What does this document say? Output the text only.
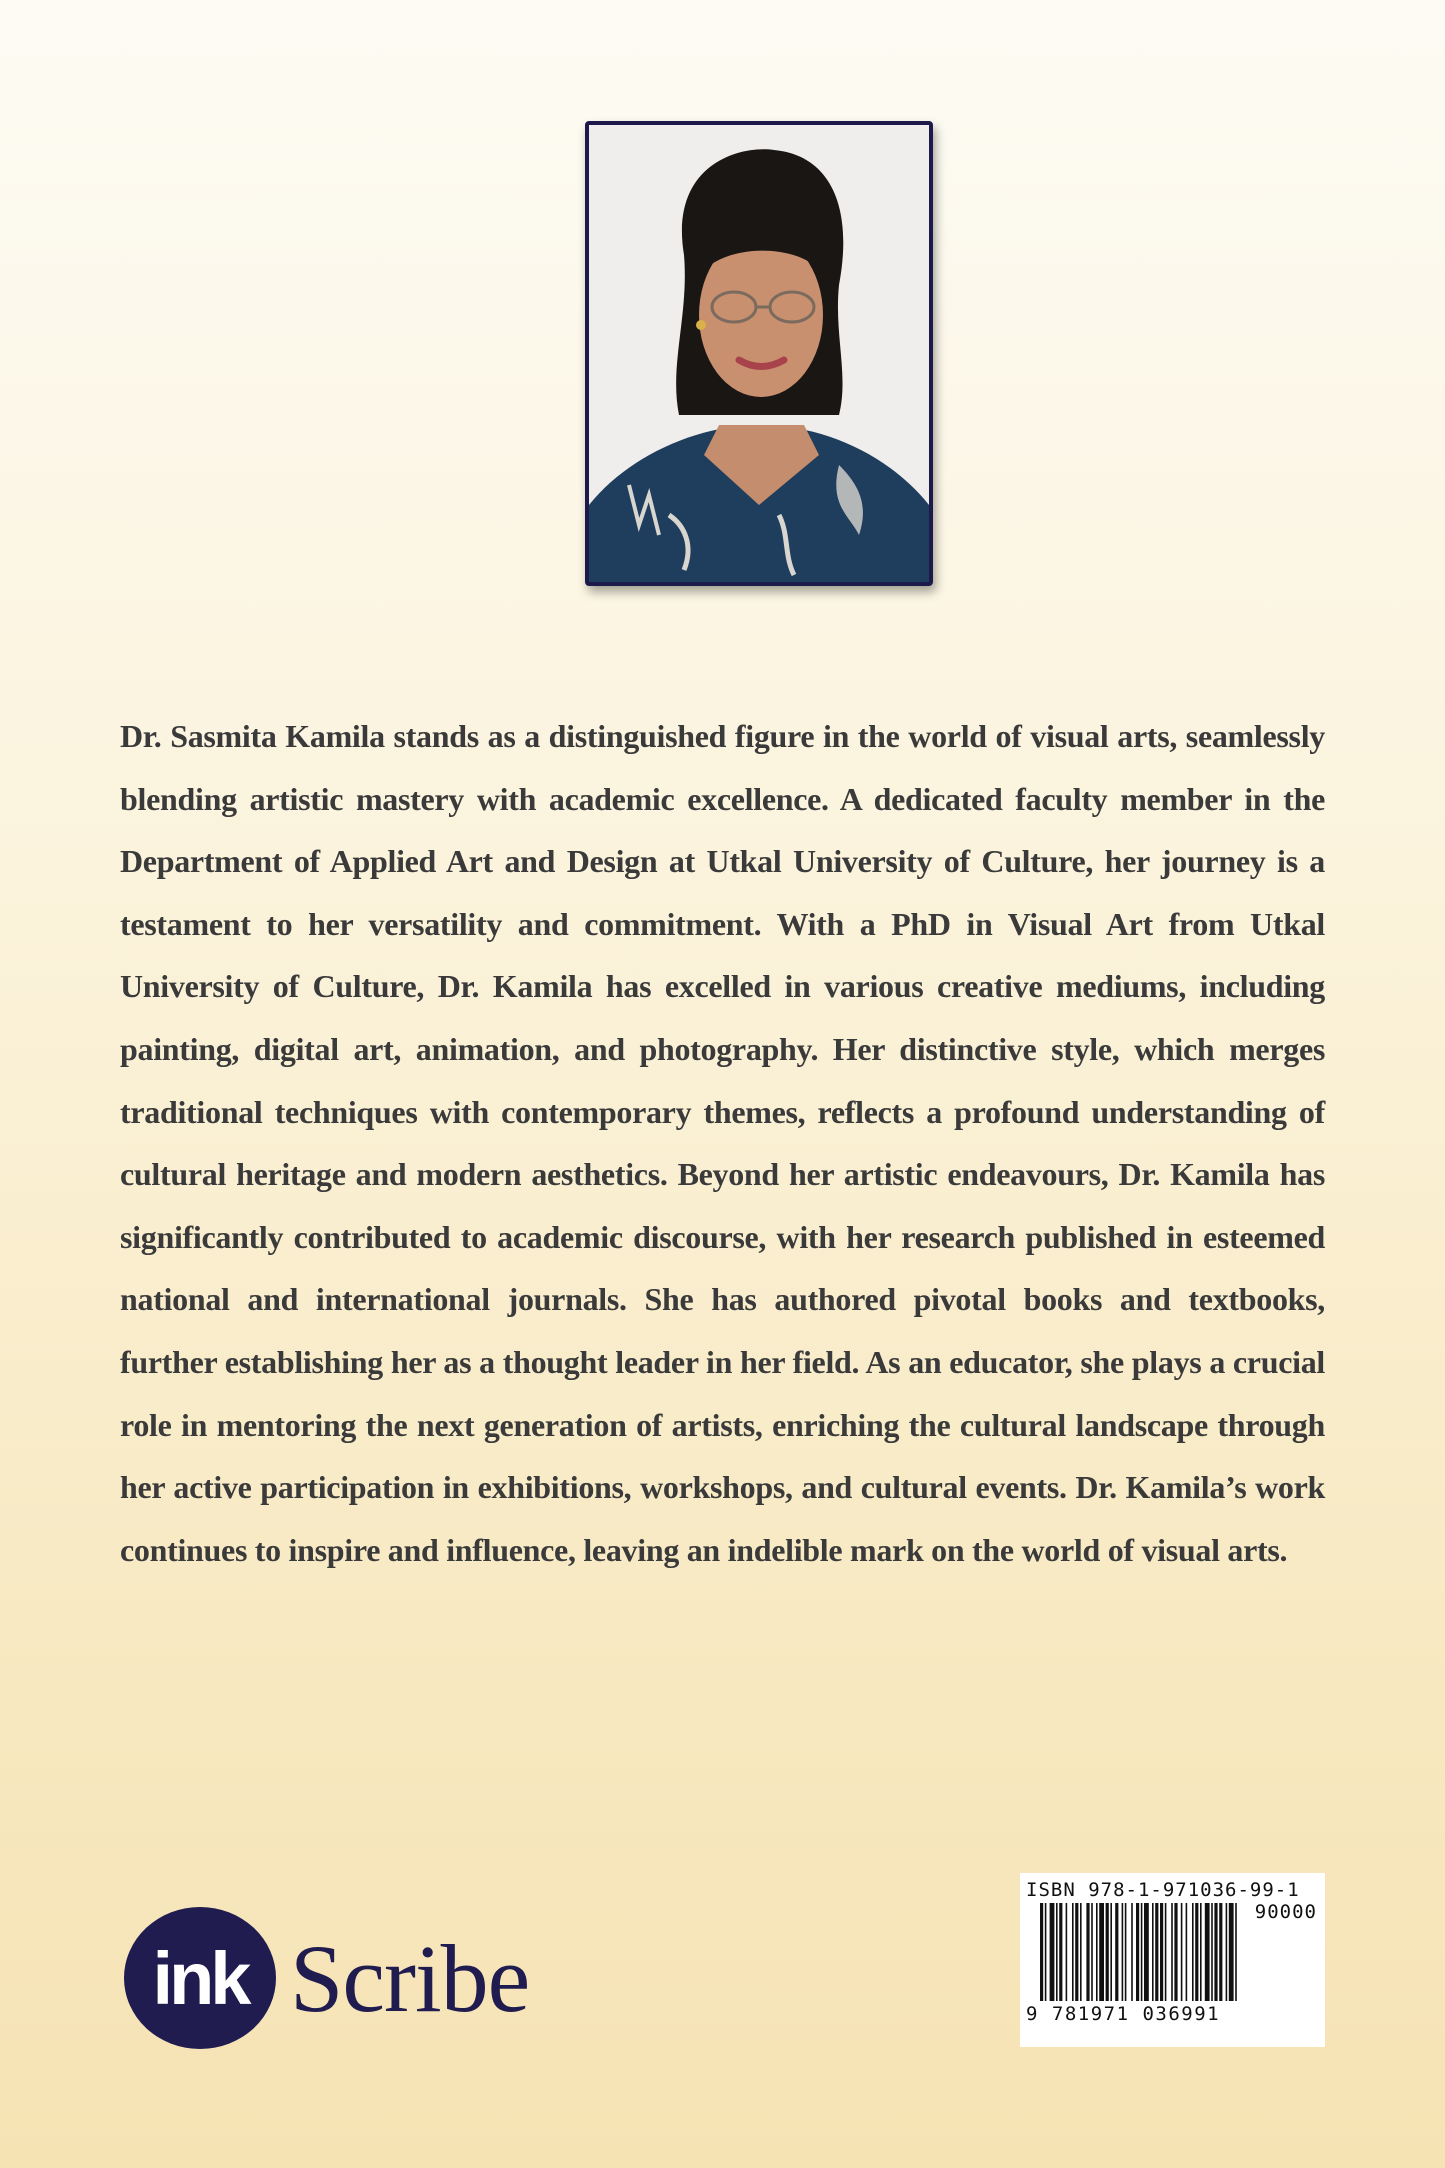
Dr. Sasmita Kamila stands as a distinguished figure in the world of visual arts, seamlessly blending artistic mastery with academic excellence. A dedicated faculty member in the Department of Applied Art and Design at Utkal University of Culture, her journey is a testament to her versatility and commitment. With a PhD in Visual Art from Utkal University of Culture, Dr. Kamila has excelled in various creative mediums, including painting, digital art, animation, and photography. Her distinctive style, which merges traditional techniques with contemporary themes, reflects a profound understanding of cultural heritage and modern aesthetics. Beyond her artistic endeavours, Dr. Kamila has significantly contributed to academic discourse, with her research published in esteemed national and international journals. She has authored pivotal books and textbooks, further establishing her as a thought leader in her field. As an educator, she plays a crucial role in mentoring the next generation of artists, enriching the cultural landscape through her active participation in exhibitions, workshops, and cultural events. Dr. Kamila’s work continues to inspire and influence, leaving an indelible mark on the world of visual arts.

ink Scribe
ISBN 978-1-971036-99-1
90000
9 781971 036991
